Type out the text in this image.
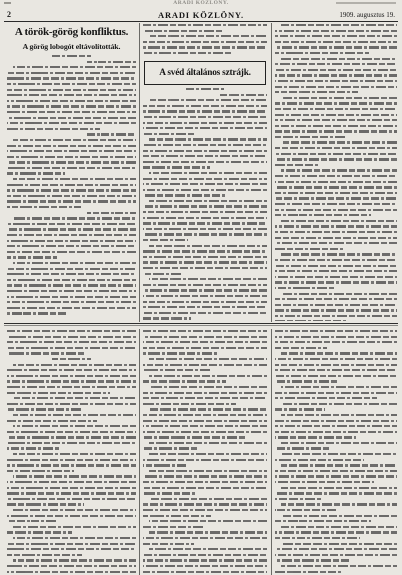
ARADI KÖZLÖNY.
2	ARADI KÖZLÖNY.	1909. augusztus 19.
A török-görög konfliktus.
A görög lobogót eltávolították.
A svéd általános sztrájk.
